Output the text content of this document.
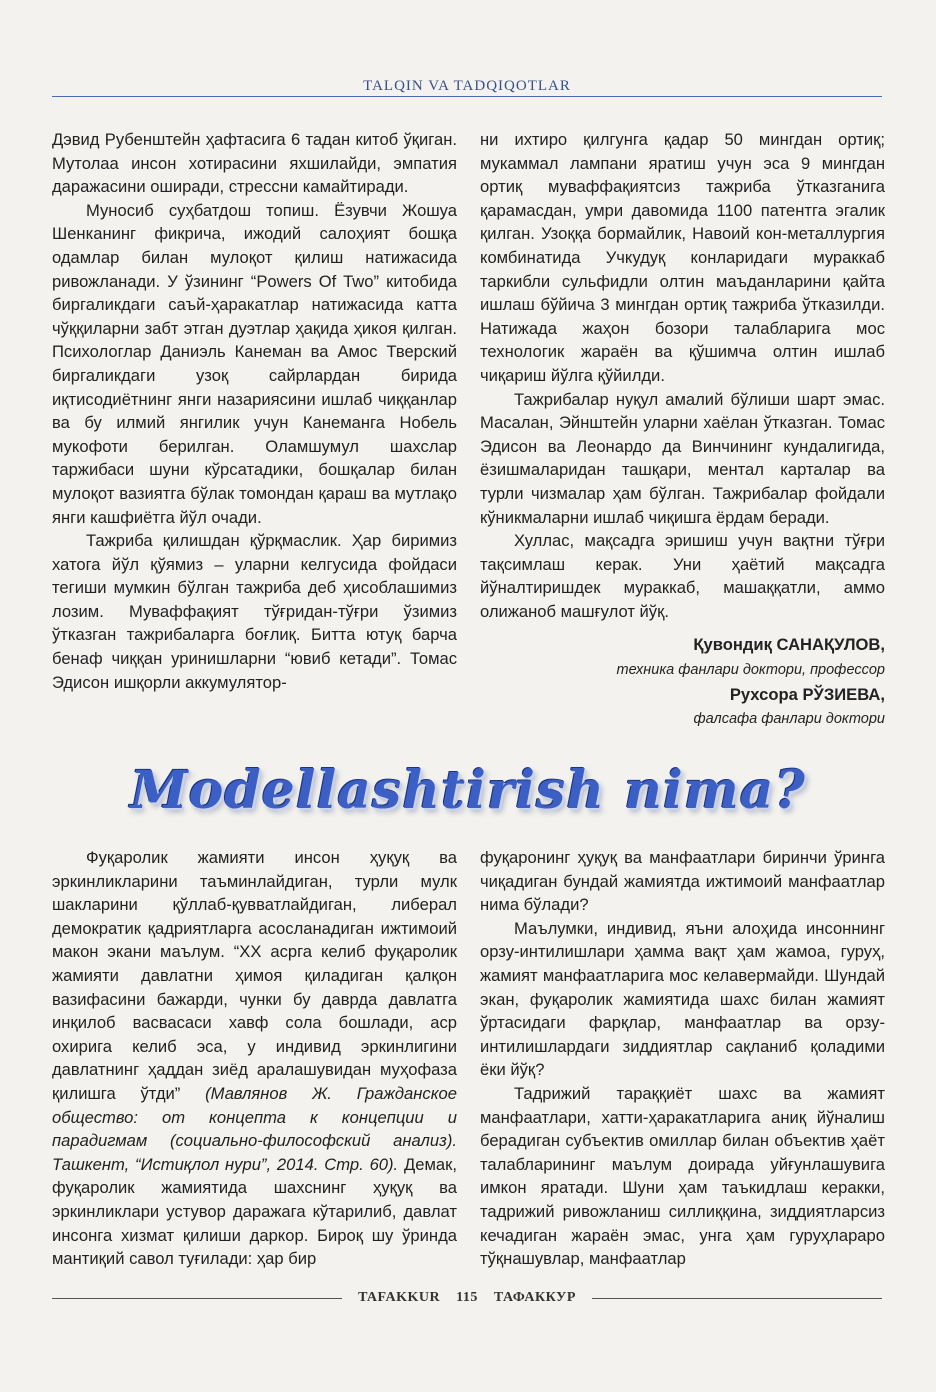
TALQIN VA TADQIQOTLAR

Дэвид Рубенштейн ҳафтасига 6 тадан китоб ўқиган. Мутолаа инсон хотирасини яхшилайди, эмпатия даражасини оширади, стрессни камайтиради.

Муносиб суҳбатдош топиш. Ёзувчи Жошуа Шенканинг фикрича, ижодий салоҳият бошқа одамлар билан мулоқот қилиш натижасида ривожланади. У ўзининг “Powers Of Two” китобида биргаликдаги саъй-ҳаракатлар натижасида катта чўққиларни забт этган дуэтлар ҳақида ҳикоя қилган. Психологлар Даниэль Канеман ва Амос Тверский биргаликдаги узоқ сайрлардан бирида иқтисодиётнинг янги назариясини ишлаб чиққанлар ва бу илмий янгилик учун Канеманга Нобель мукофоти берилган. Оламшумул шахслар таржибаси шуни кўрсатадики, бошқалар билан мулоқот вазиятга бўлак томондан қараш ва мутлақо янги кашфиётга йўл очади.

Тажриба қилишдан қўрқмаслик. Ҳар биримиз хатога йўл қўямиз – уларни келгусида фойдаси тегиши мумкин бўлган тажриба деб ҳисоблашимиз лозим. Муваффақият тўғридан-тўғри ўзимиз ўтказган тажрибаларга боғлиқ. Битта ютуқ барча бенаф чиққан уринишларни “ювиб кетади”. Томас Эдисон ишқорли аккумулятор-

ни ихтиро қилгунга қадар 50 мингдан ортиқ; мукаммал лампани яратиш учун эса 9 мингдан ортиқ муваффақиятсиз тажриба ўтказганига қарамасдан, умри давомида 1100 патентга эгалик қилган. Узоққа бормайлик, Навоий кон-металлургия комбинатида Учкудуқ конларидаги мураккаб таркибли сульфидли олтин маъданларини қайта ишлаш бўйича 3 мингдан ортиқ тажриба ўтказилди. Натижада жаҳон бозори талабларига мос технологик жараён ва қўшимча олтин ишлаб чиқариш йўлга қўйилди.

Тажрибалар нуқул амалий бўлиши шарт эмас. Масалан, Эйнштейн уларни хаёлан ўтказган. Томас Эдисон ва Леонардо да Винчининг кундалигида, ёзишмаларидан ташқари, ментал карталар ва турли чизмалар ҳам бўлган. Тажрибалар фойдали кўникмаларни ишлаб чиқишга ёрдам беради.

Хуллас, мақсадга эришиш учун вақтни тўғри тақсимлаш керак. Уни ҳаётий мақсадга йўналтиришдек мураккаб, машаққатли, аммо олижаноб машғулот йўқ.

Қувондиқ САНАҚУЛОВ,

техника фанлари доктори, профессор

Рухсора РЎЗИЕВА,

фалсафа фанлари доктори

Modellashtirish nima?

Фуқаролик жамияти инсон ҳуқуқ ва эркинликларини таъминлайдиган, турли мулк шакларини қўллаб-қувватлайдиган, либерал демократик қадриятларга асосланадиган ижтимоий макон экани маълум. “ХХ асрга келиб фуқаролик жамияти давлатни ҳимоя қиладиган қалқон вазифасини бажарди, чунки бу даврда давлатга инқилоб васвасаси хавф сола бошлади, аср охирига келиб эса, у индивид эркинлигини давлатнинг ҳаддан зиёд аралашувидан муҳофаза қилишга ўтди” (Мавлянов Ж. Гражданское общество: от концепта к концепции и парадигмам (социально-философский анализ). Ташкент, “Истиқлол нури”, 2014. Стр. 60). Демак, фуқаролик жамиятида шахснинг ҳуқуқ ва эркинликлари устувор даражага кўтарилиб, давлат инсонга хизмат қилиши даркор. Бироқ шу ўринда мантиқий савол туғилади: ҳар бир

фуқаронинг ҳуқуқ ва манфаатлари биринчи ўринга чиқадиган бундай жамиятда ижтимоий манфаатлар нима бўлади?

Маълумки, индивид, яъни алоҳида инсоннинг орзу-интилишлари ҳамма вақт ҳам жамоа, гуруҳ, жамият манфаатларига мос келавермайди. Шундай экан, фуқаролик жамиятида шахс билан жамият ўртасидаги фарқлар, манфаатлар ва орзу-интилишлардаги зиддиятлар сақланиб қоладими ёки йўқ?

Тадрижий тараққиёт шахс ва жамият манфаатлари, хатти-ҳаракатларига аниқ йўналиш берадиган субъектив омиллар билан объектив ҳаёт талабларининг маълум доирада уйғунлашувига имкон яратади. Шуни ҳам таъкидлаш керакки, тадрижий ривожланиш силлиққина, зиддиятларсиз кечадиган жараён эмас, унга ҳам гуруҳлараро тўқнашувлар, манфаатлар

TAFAKKUR 115 ТАФАККУР
